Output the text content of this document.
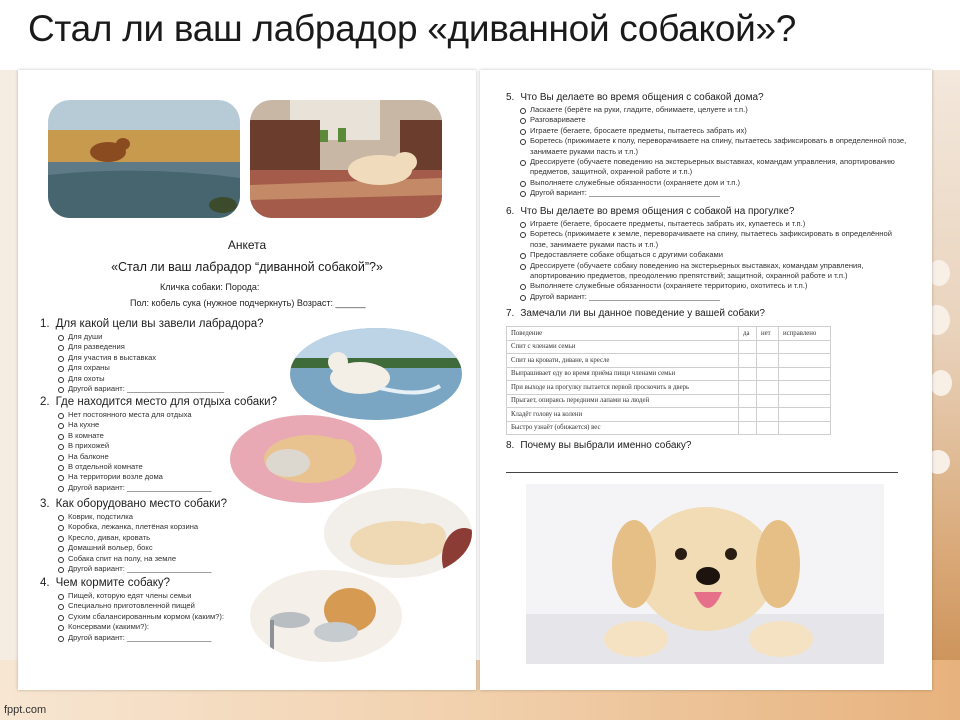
Стал ли ваш лабрадор «диванной собакой»?
Анкета
«Стал ли ваш лабрадор “диванной собакой”?»
Кличка собаки: Порода:
Пол: кобель сука (нужное подчеркнуть) Возраст: ______
1. Для какой цели вы завели лабрадора?
Для души
Для разведения
Для участия в выставках
Для охраны
Для охоты
Другой вариант: _______________________
2. Где находится место для отдыха собаки?
Нет постоянного места для отдыха
На кухне
В комнате
В прихожей
На балконе
В отдельной комнате
На территории возле дома
Другой вариант: ____________________
3. Как оборудовано место собаки?
Коврик, подстилка
Коробка, лежанка, плетёная корзина
Кресло, диван, кровать
Домашний вольер, бокс
Собака спит на полу, на земле
Другой вариант: ____________________
4. Чем кормите собаку?
Пищей, которую едят члены семьи
Специально приготовленной пищей
Сухим сбалансированным кормом (каким?):
Консервами (какими?):
Другой вариант: ____________________
5. Что Вы делаете во время общения с собакой дома?
Ласкаете (берёте на руки, гладите, обнимаете, целуете и т.п.)
Разговариваете
Играете (бегаете, бросаете предметы, пытаетесь забрать их)
Боретесь (прижимаете к полу, переворачиваете на спину, пытаетесь зафиксировать в определенной позе, занимаете руками пасть и т.п.)
Дрессируете (обучаете поведению на экстерьерных выставках, командам управления, апортированию предметов, защитной, охранной работе и т.п.)
Выполняете служебные обязанности (охраняете дом и т.п.)
Другой вариант: _______________________________
6. Что Вы делаете во время общения с собакой на прогулке?
Играете (бегаете, бросаете предметы, пытаетесь забрать их, купаетесь и т.п.)
Боретесь (прижимаете к земле, переворачиваете на спину, пытаетесь зафиксировать в определённой позе, занимаете руками пасть и т.п.)
Предоставляете собаке общаться с другими собаками
Дрессируете (обучаете собаку поведению на экстерьерных выставках, командам управления, апортированию предметов, преодолению препятствий; защитной, охранной работе и т.п.)
Выполняете служебные обязанности (охраняете территорию, охотитесь и т.п.)
Другой вариант: _______________________________
7. Замечали ли вы данное поведение у вашей собаки?
Поведение	да	нет	исправлено
Спит с членами семьи			
Спит на кровати, диване, в кресле			
Выпрашивает еду во время приёма пищи членами семьи			
При выходе на прогулку пытается первой проскочить в дверь			
Прыгает, опираясь передними лапами на людей			
Кладёт голову на колени			
Быстро узнаёт (обижается) вес			
8. Почему вы выбрали именно собаку?
fppt.com
